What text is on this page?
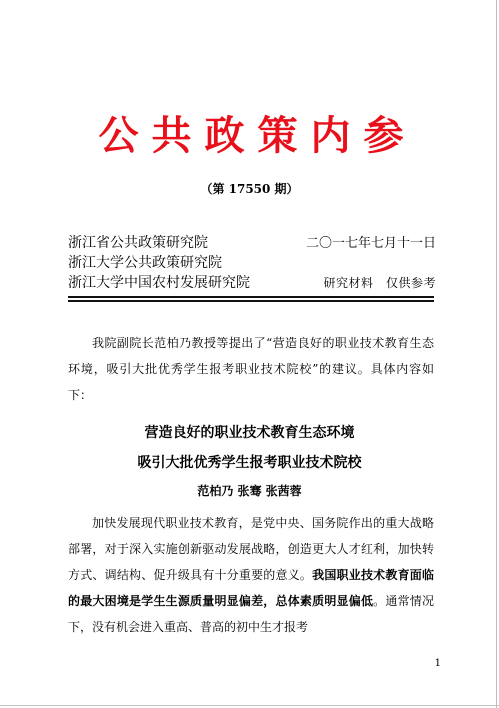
公共政策内参
（第 17550 期）
浙江省公共政策研究院	二〇一七年七月十一日
浙江大学公共政策研究院
浙江大学中国农村发展研究院	研究材料　仅供参考
我院副院长范柏乃教授等提出了“营造良好的职业技术教育生态环境，吸引大批优秀学生报考职业技术院校”的建议。具体内容如下：
营造良好的职业技术教育生态环境
吸引大批优秀学生报考职业技术院校
范柏乃 张骞 张茜蓉
加快发展现代职业技术教育，是党中央、国务院作出的重大战略部署，对于深入实施创新驱动发展战略，创造更大人才红利，加快转方式、调结构、促升级具有十分重要的意义。我国职业技术教育面临的最大困境是学生生源质量明显偏差，总体素质明显偏低。通常情况下，没有机会进入重高、普高的初中生才报考
1
